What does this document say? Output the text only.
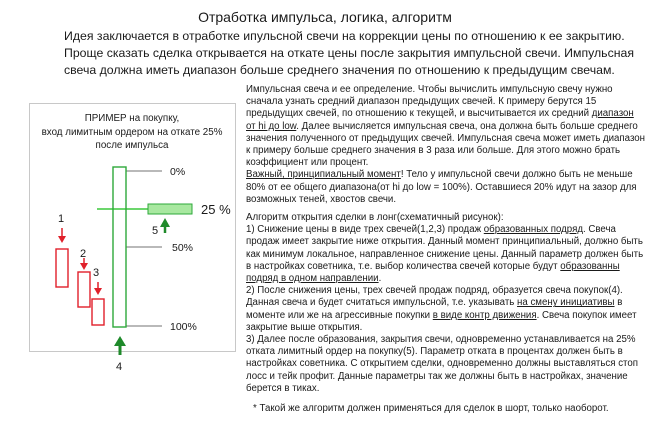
Отработка импульса, логика, алгоритм
Идея заключается в отработке ипульсной свечи на коррекции цены по отношению к ее закрытию. Проще сказать сделка открывается на откате цены после закрытия импульсной свечи. Импульсная свеча должна иметь диапазон больше среднего значения по отношению к предыдущим свечам.
ПРИМЕР на покупку,
вход лимитным ордером на откате 25%
после импульса
0%
25 %
50%
100%
1
2
3
4
5

Импульсная свеча и ее определение. Чтобы вычислить импульсную свечу нужно сначала узнать средний диапазон предыдущих свечей. К примеру берутся 15 предыдущих свечей, по отношению к текущей, и высчитывается их средний диапазон от hi до low. Далее вычисляется импульсная свеча, она должна быть больше среднего значения полученного от предыдущих свечей. Импульсная свеча может иметь диапазон к примеру больше среднего значения в 3 раза или больше. Для этого можно брать коэффициент или процент.

Важный, принципиальный момент! Тело у импульсной свечи должно быть не меньше 80% от ее общего диапазона(от hi до low = 100%). Оставшиеся 20% идут на зазор для возможных теней, хвостов свечи.

Алгоритм открытия сделки в лонг(схематичный рисунок):

1) Снижение цены в виде трех свечей(1,2,3) продаж образованных подряд. Свеча продаж имеет закрытие ниже открытия. Данный момент принципиальный, должно быть как минимум локальное, направленное снижение цены. Данный параметр должен быть в настройках советника, т.е. выбор количества свечей которые будут образованны подряд в одном направлении.

2) После снижения цены, трех свечей продаж подряд, образуется свеча покупок(4). Данная свеча и будет считаться импульсной, т.е. указывать на смену инициативы в моменте или же на агрессивные покупки в виде контр движения. Свеча покупок имеет закрытие выше открытия.

3) Далее после образования, закрытия свечи, одновременно устанавливается на 25% отката лимитный ордер на покупку(5). Параметр отката в процентах должен быть в настройках советника. С открытием сделки, одновременно должны выставляться стоп лосс и тейк профит. Данные параметры так же должны быть в настройках, значение берется в тиках.

* Такой же алгоритм должен применяться для сделок в шорт, только наоборот.
